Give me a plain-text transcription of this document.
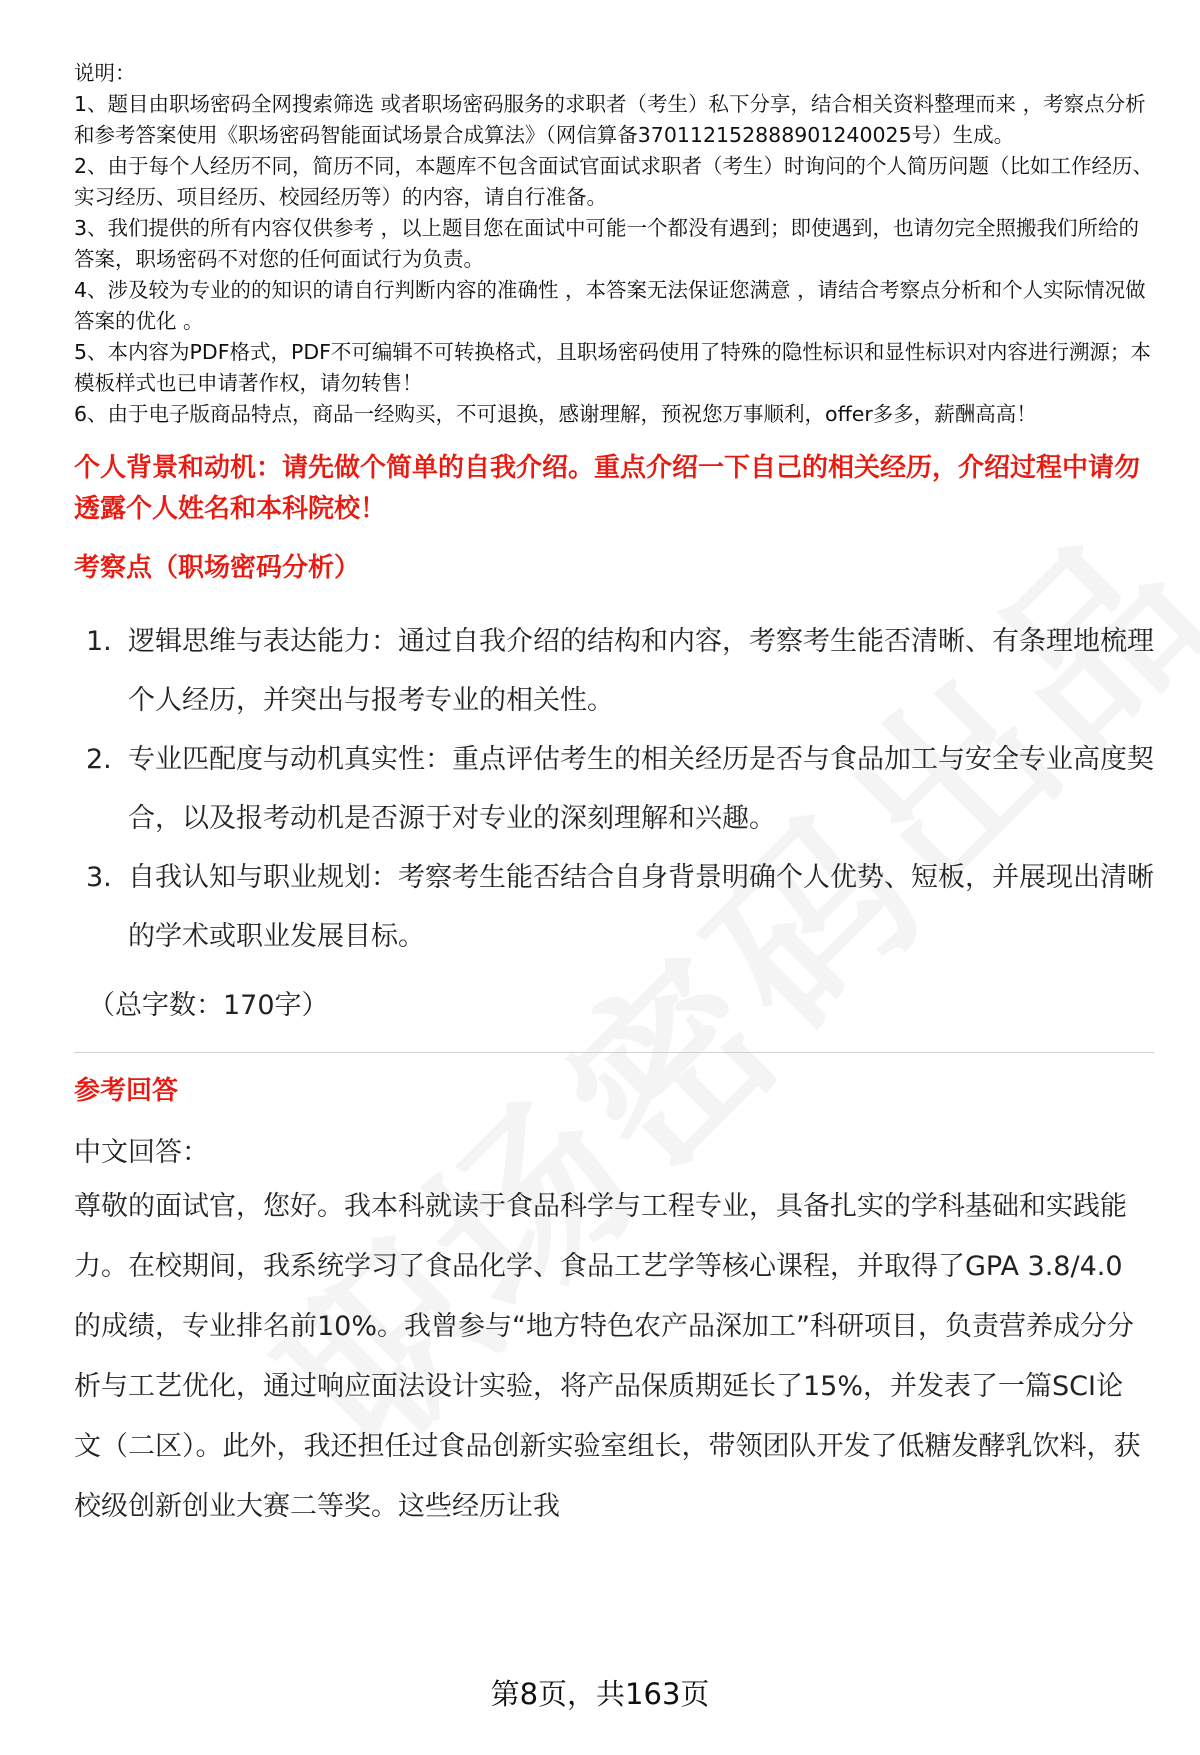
说明：

1、题目由职场密码全网搜索筛选 或者职场密码服务的求职者（考生）私下分享，结合相关资料整理而来 ，考察点分析和参考答案使用《职场密码智能面试场景合成算法》（网信算备370112152888901240025号）生成。

2、由于每个人经历不同，简历不同，本题库不包含面试官面试求职者（考生）时询问的个人简历问题（比如工作经历、实习经历、项目经历、校园经历等）的内容，请自行准备。

3、我们提供的所有内容仅供参考 ，以上题目您在面试中可能一个都没有遇到；即使遇到，也请勿完全照搬我们所给的答案，职场密码不对您的任何面试行为负责。

4、涉及较为专业的的知识的请自行判断内容的准确性 ，本答案无法保证您满意 ，请结合考察点分析和个人实际情况做答案的优化 。

5、本内容为PDF格式，PDF不可编辑不可转换格式，且职场密码使用了特殊的隐性标识和显性标识对内容进行溯源；本模板样式也已申请著作权，请勿转售！

6、由于电子版商品特点，商品一经购买，不可退换，感谢理解，预祝您万事顺利，offer多多，薪酬高高！

个人背景和动机：请先做个简单的自我介绍。重点介绍一下自己的相关经历，介绍过程中请勿透露个人姓名和本科院校！
考察点（职场密码分析）
1. 逻辑思维与表达能力：通过自我介绍的结构和内容，考察考生能否清晰、有条理地梳理个人经历，并突出与报考专业的相关性。
2. 专业匹配度与动机真实性：重点评估考生的相关经历是否与食品加工与安全专业高度契合，以及报考动机是否源于对专业的深刻理解和兴趣。
3. 自我认知与职业规划：考察考生能否结合自身背景明确个人优势、短板，并展现出清晰的学术或职业发展目标。
（总字数：170字）
参考回答
中文回答：
尊敬的面试官，您好。我本科就读于食品科学与工程专业，具备扎实的学科基础和实践能力。在校期间，我系统学习了食品化学、食品工艺学等核心课程，并取得了GPA 3.8/4.0的成绩，专业排名前10%。我曾参与“地方特色农产品深加工”科研项目，负责营养成分分析与工艺优化，通过响应面法设计实验，将产品保质期延长了15%，并发表了一篇SCI论文（二区）。此外，我还担任过食品创新实验室组长，带领团队开发了低糖发酵乳饮料，获校级创新创业大赛二等奖。这些经历让我
第8页，共163页
